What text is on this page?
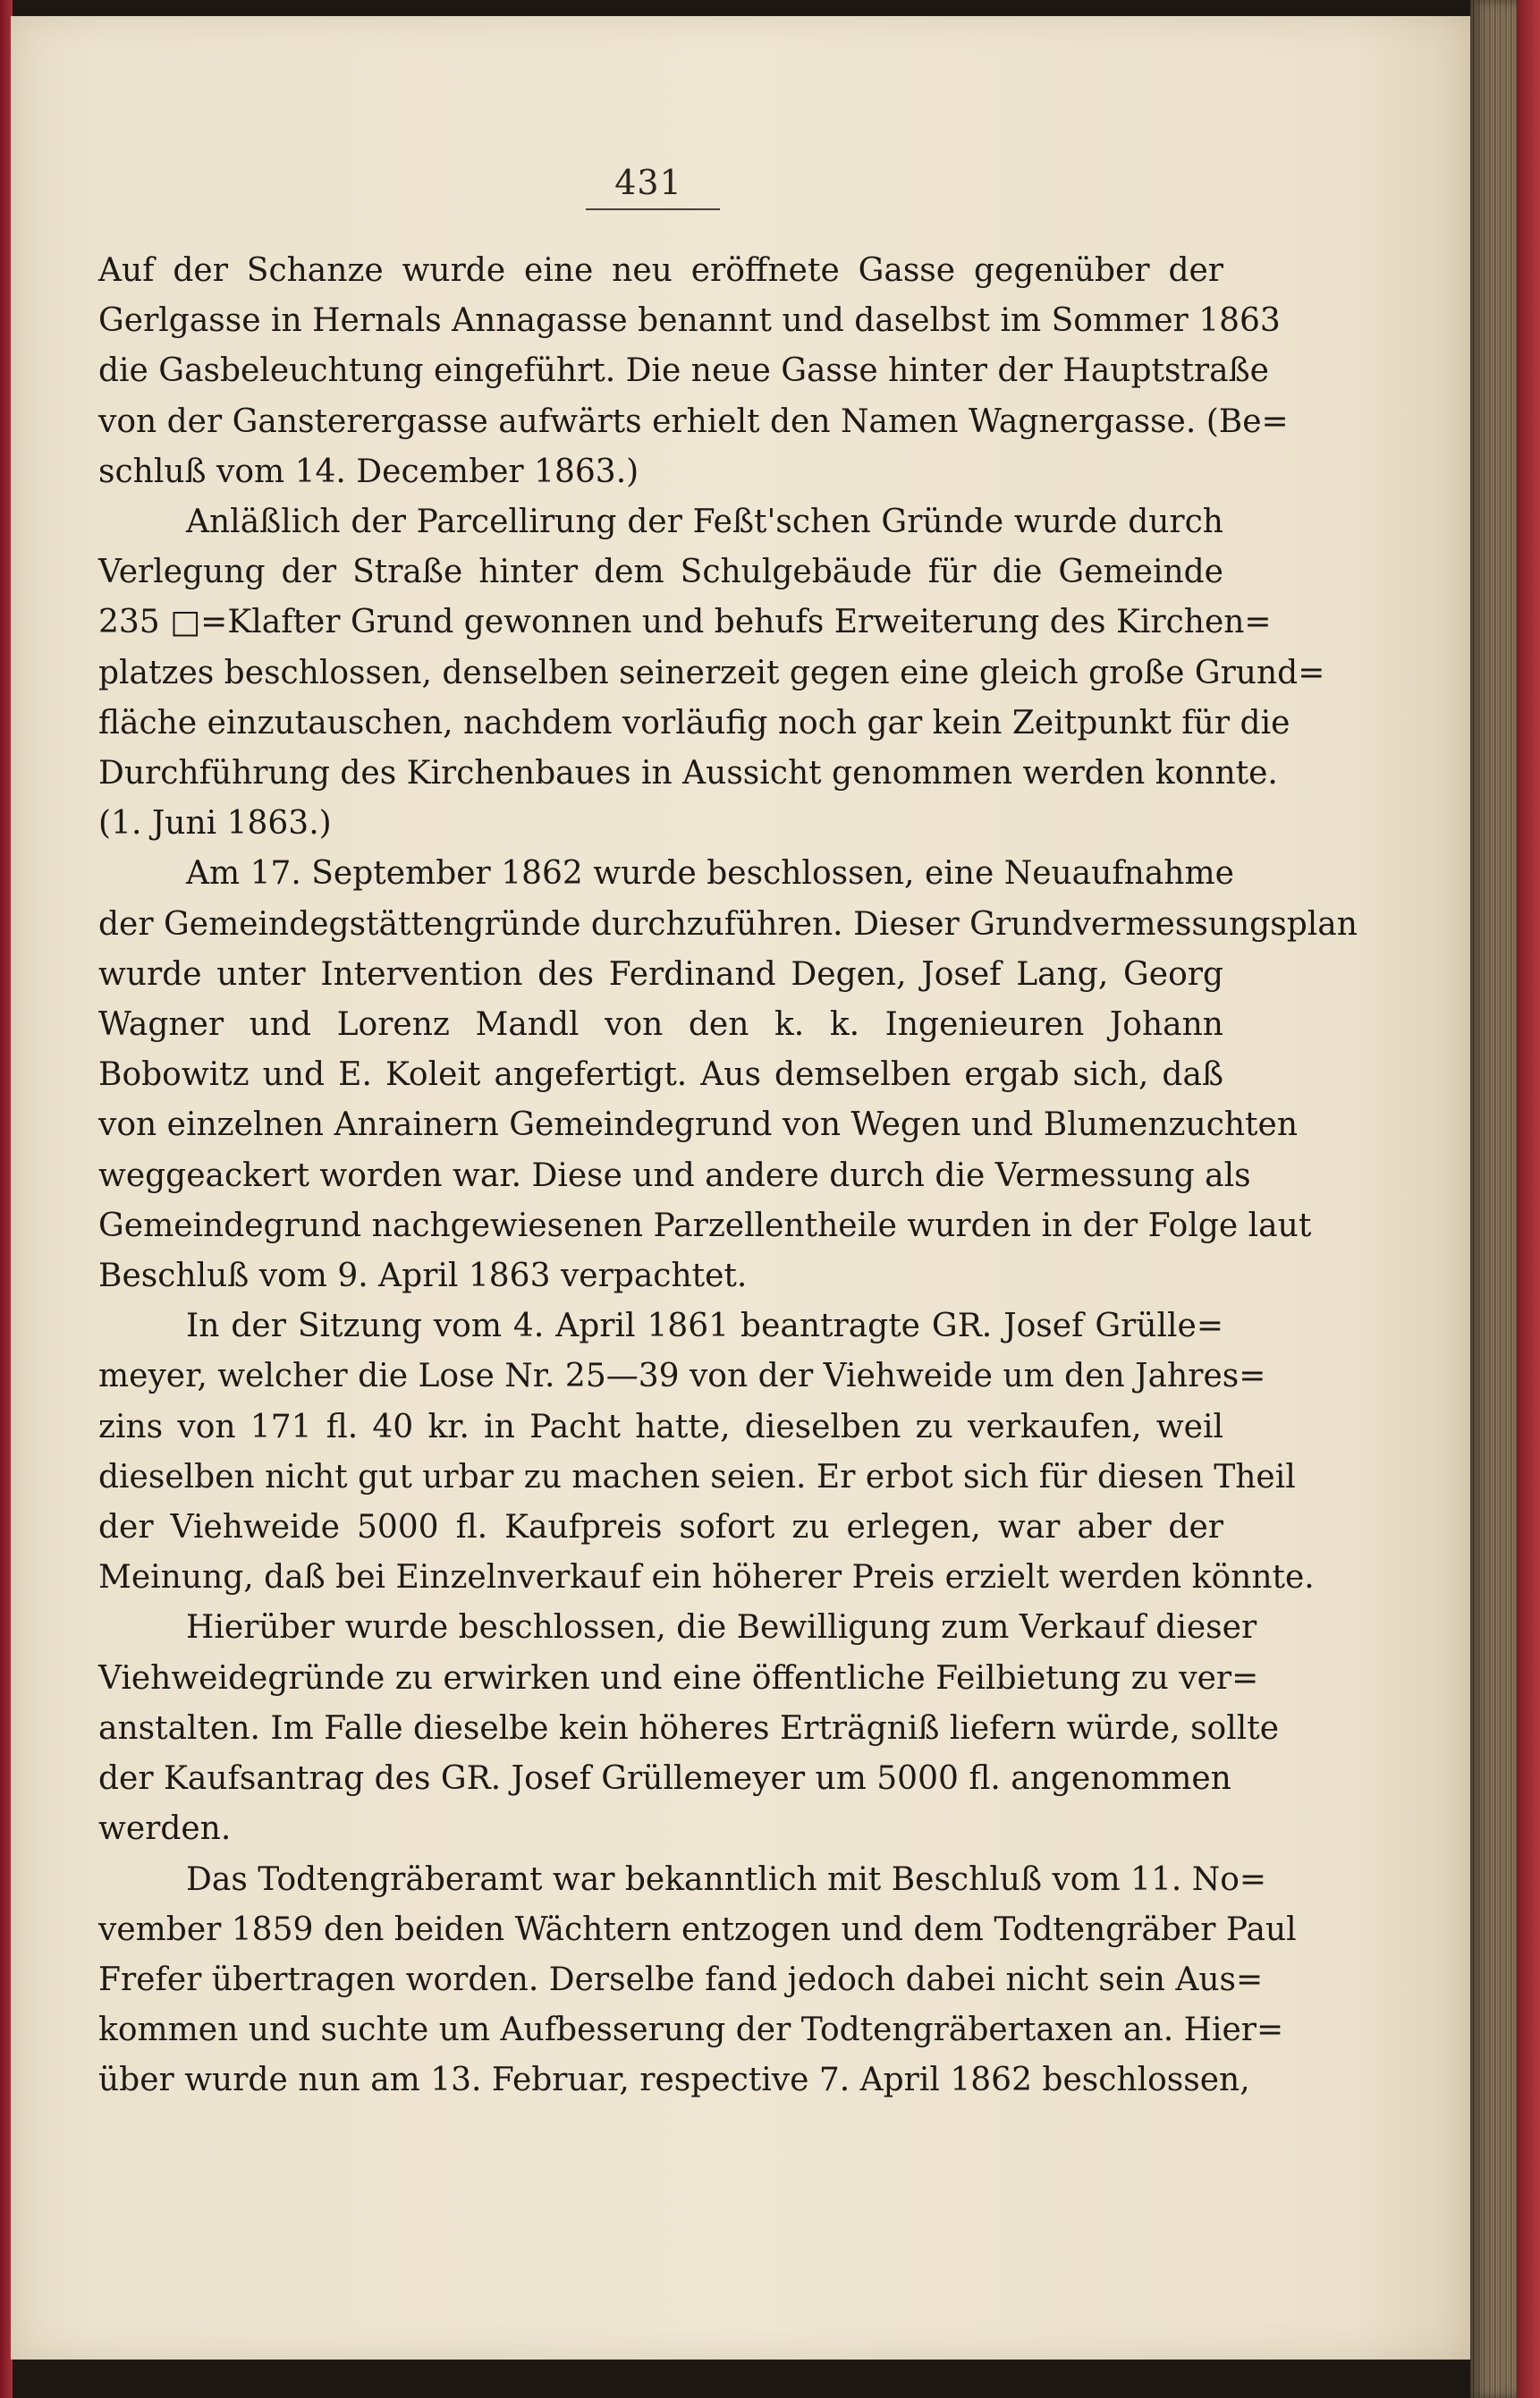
431
Auf der Schanze wurde eine neu eröffnete Gasse gegenüber der
Gerlgasse in Hernals Annagasse benannt und daselbst im Sommer 1863
die Gasbeleuchtung eingeführt. Die neue Gasse hinter der Hauptstraße
von der Gansterergasse aufwärts erhielt den Namen Wagnergasse. (Be=
schluß vom 14. December 1863.)
Anläßlich der Parcellirung der Feßt'schen Gründe wurde durch
Verlegung der Straße hinter dem Schulgebäude für die Gemeinde
235 □=Klafter Grund gewonnen und behufs Erweiterung des Kirchen=
platzes beschlossen, denselben seinerzeit gegen eine gleich große Grund=
fläche einzutauschen, nachdem vorläufig noch gar kein Zeitpunkt für die
Durchführung des Kirchenbaues in Aussicht genommen werden konnte.
(1. Juni 1863.)
Am 17. September 1862 wurde beschlossen, eine Neuaufnahme
der Gemeindegstättengründe durchzuführen. Dieser Grundvermessungsplan
wurde unter Intervention des Ferdinand Degen, Josef Lang, Georg
Wagner und Lorenz Mandl von den k. k. Ingenieuren Johann
Bobowitz und E. Koleit angefertigt. Aus demselben ergab sich, daß
von einzelnen Anrainern Gemeindegrund von Wegen und Blumenzuchten
weggeackert worden war. Diese und andere durch die Vermessung als
Gemeindegrund nachgewiesenen Parzellentheile wurden in der Folge laut
Beschluß vom 9. April 1863 verpachtet.
In der Sitzung vom 4. April 1861 beantragte GR. Josef Grülle=
meyer, welcher die Lose Nr. 25—39 von der Viehweide um den Jahres=
zins von 171 fl. 40 kr. in Pacht hatte, dieselben zu verkaufen, weil
dieselben nicht gut urbar zu machen seien. Er erbot sich für diesen Theil
der Viehweide 5000 fl. Kaufpreis sofort zu erlegen, war aber der
Meinung, daß bei Einzelnverkauf ein höherer Preis erzielt werden könnte.
Hierüber wurde beschlossen, die Bewilligung zum Verkauf dieser
Viehweidegründe zu erwirken und eine öffentliche Feilbietung zu ver=
anstalten. Im Falle dieselbe kein höheres Erträgniß liefern würde, sollte
der Kaufsantrag des GR. Josef Grüllemeyer um 5000 fl. angenommen
werden.
Das Todtengräberamt war bekanntlich mit Beschluß vom 11. No=
vember 1859 den beiden Wächtern entzogen und dem Todtengräber Paul
Frefer übertragen worden. Derselbe fand jedoch dabei nicht sein Aus=
kommen und suchte um Aufbesserung der Todtengräbertaxen an. Hier=
über wurde nun am 13. Februar, respective 7. April 1862 beschlossen,
